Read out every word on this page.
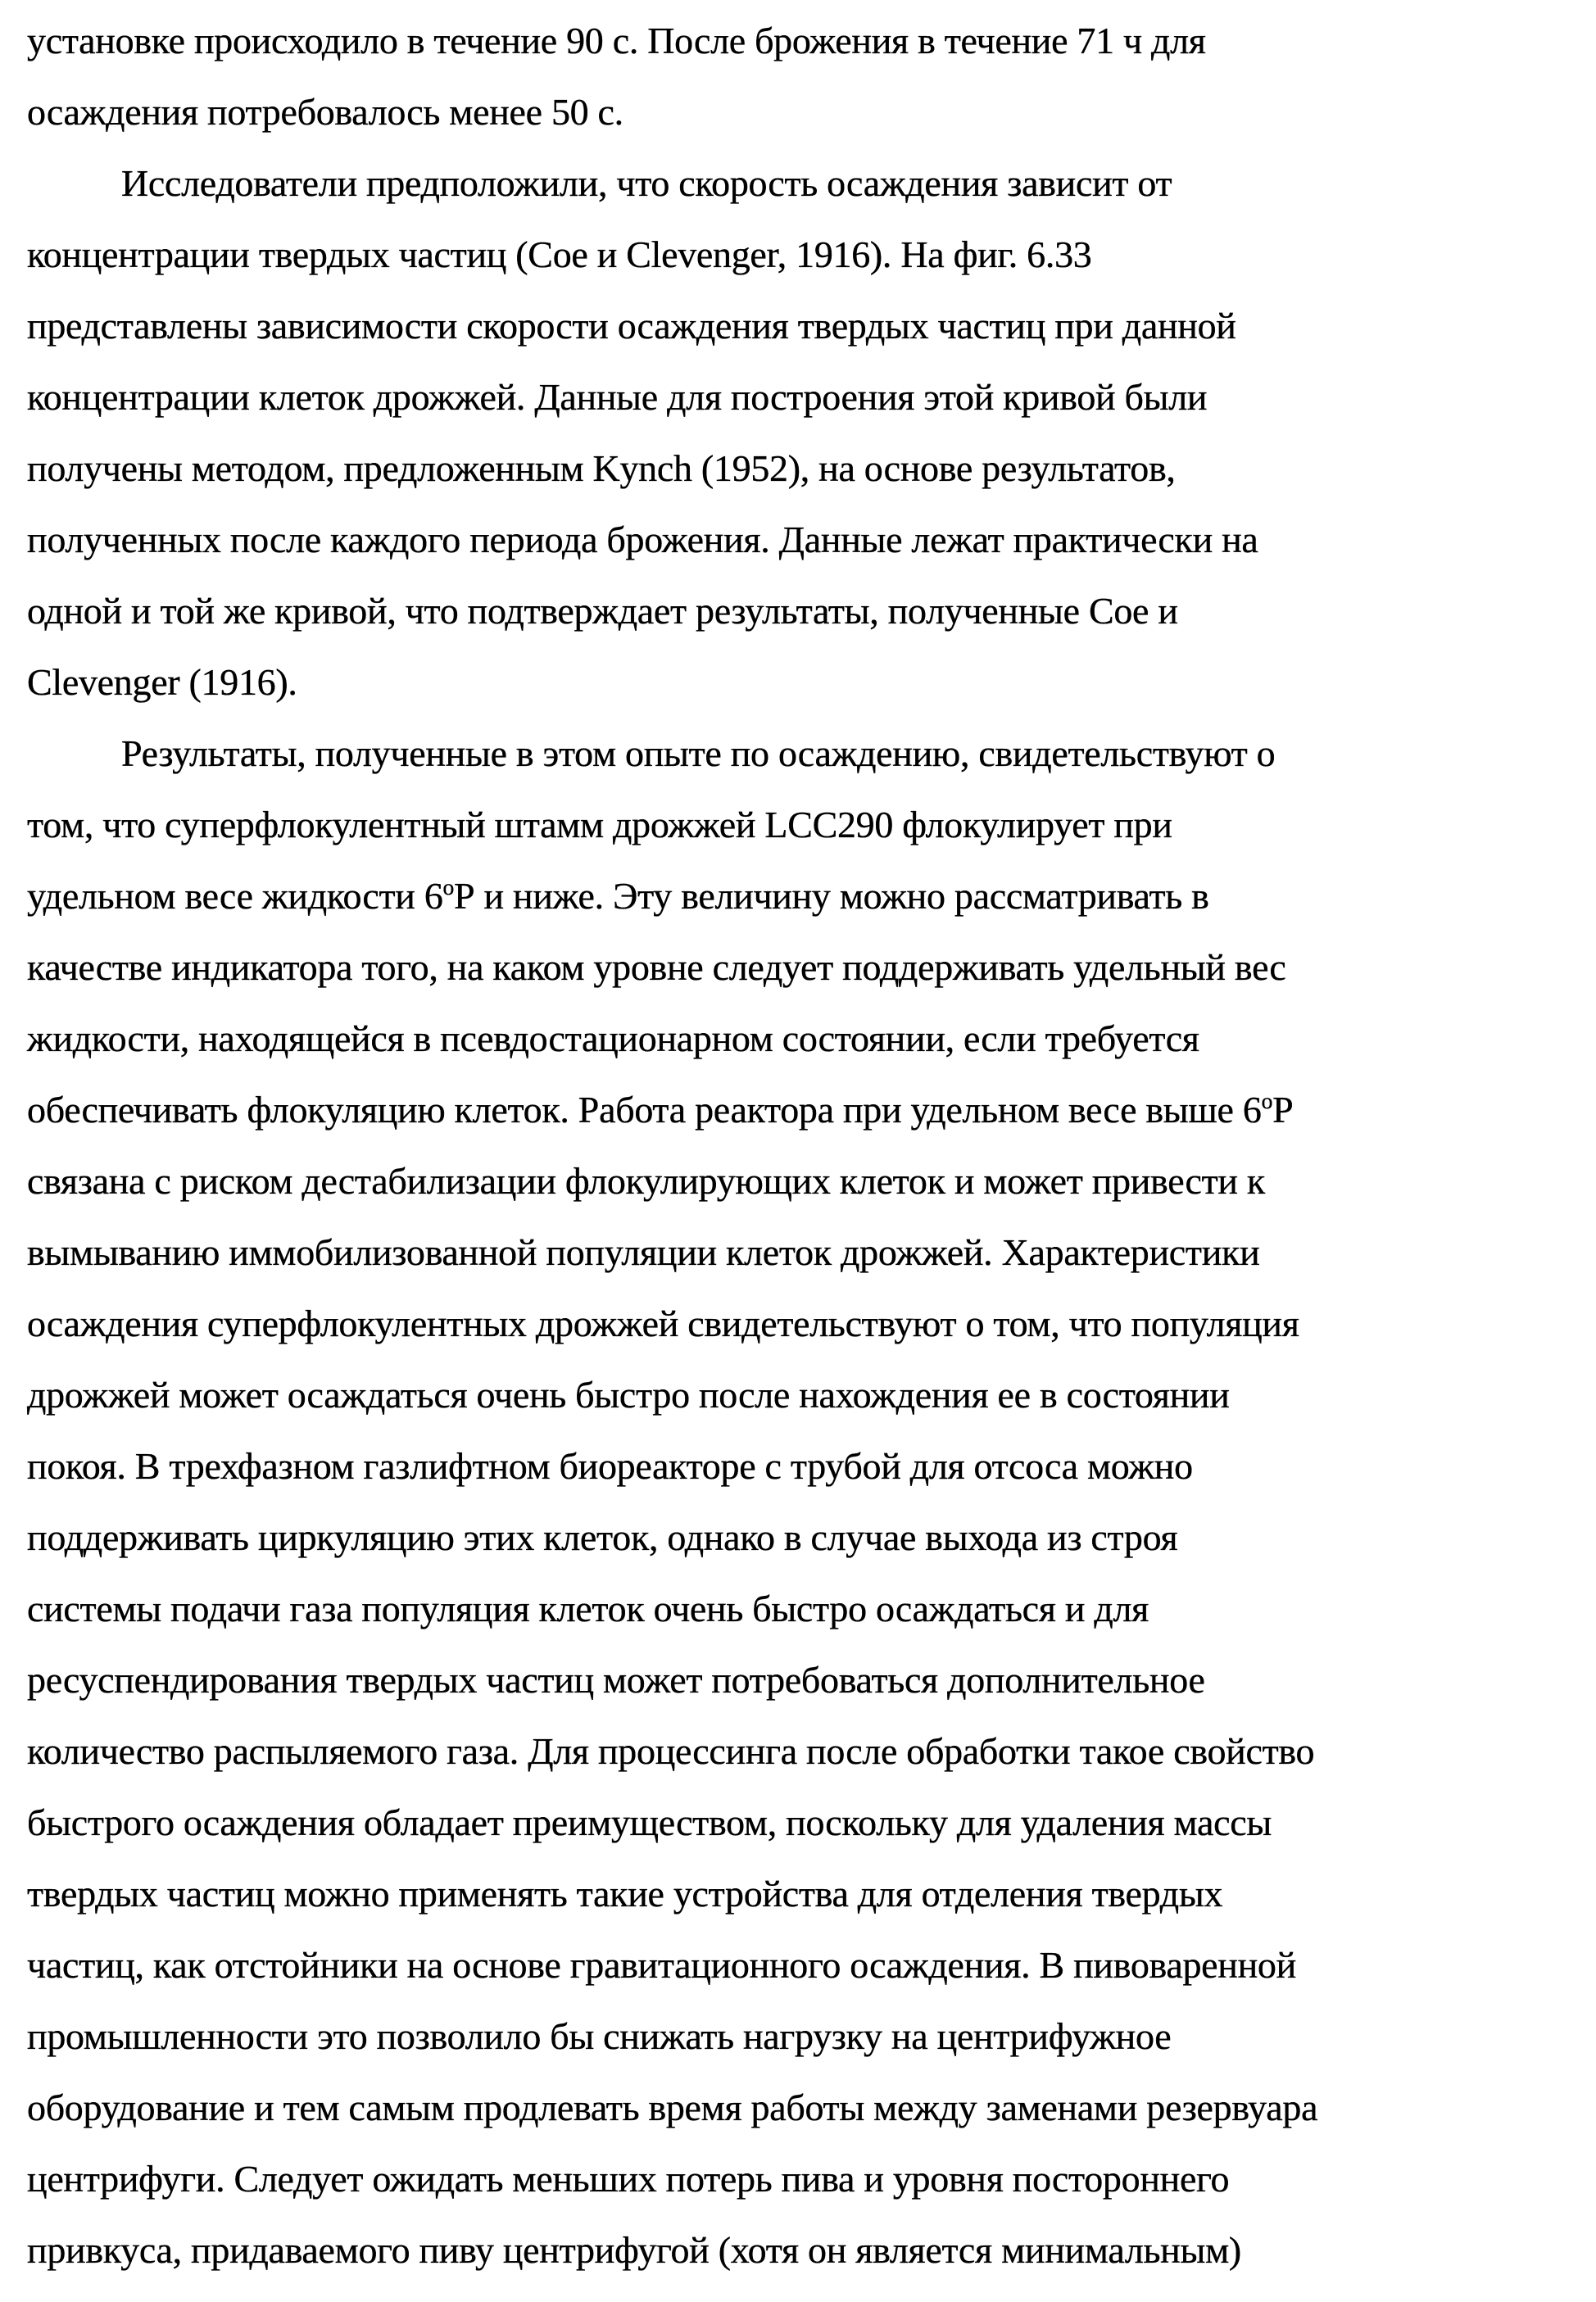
установке происходило в течение 90 с. После брожения в течение 71 ч для
осаждения потребовалось менее 50 с.
Исследователи предположили, что скорость осаждения зависит от
концентрации твердых частиц (Coe и Clevenger, 1916). На фиг. 6.33
представлены зависимости скорости осаждения твердых частиц при данной
концентрации клеток дрожжей. Данные для построения этой кривой были
получены методом, предложенным Kynch (1952), на основе результатов,
полученных после каждого периода брожения. Данные лежат практически на
одной и той же кривой, что подтверждает результаты, полученные Coe и
Clevenger (1916).
Результаты, полученные в этом опыте по осаждению, свидетельствуют о
том, что суперфлокулентный штамм дрожжей LCC290 флокулирует при
удельном весе жидкости 6оР и ниже. Эту величину можно рассматривать в
качестве индикатора того, на каком уровне следует поддерживать удельный вес
жидкости, находящейся в псевдостационарном состоянии, если требуется
обеспечивать флокуляцию клеток. Работа реактора при удельном весе выше 6оР
связана с риском дестабилизации флокулирующих клеток и может привести к
вымыванию иммобилизованной популяции клеток дрожжей. Характеристики
осаждения суперфлокулентных дрожжей свидетельствуют о том, что популяция
дрожжей может осаждаться очень быстро после нахождения ее в состоянии
покоя. В трехфазном газлифтном биореакторе с трубой для отсоса можно
поддерживать циркуляцию этих клеток, однако в случае выхода из строя
системы подачи газа популяция клеток очень быстро осаждаться и для
ресуспендирования твердых частиц может потребоваться дополнительное
количество распыляемого газа. Для процессинга после обработки такое свойство
быстрого осаждения обладает преимуществом, поскольку для удаления массы
твердых частиц можно применять такие устройства для отделения твердых
частиц, как отстойники на основе гравитационного осаждения. В пивоваренной
промышленности это позволило бы снижать нагрузку на центрифужное
оборудование и тем самым продлевать время работы между заменами резервуара
центрифуги. Следует ожидать меньших потерь пива и уровня постороннего
привкуса, придаваемого пиву центрифугой (хотя он является минимальным)
